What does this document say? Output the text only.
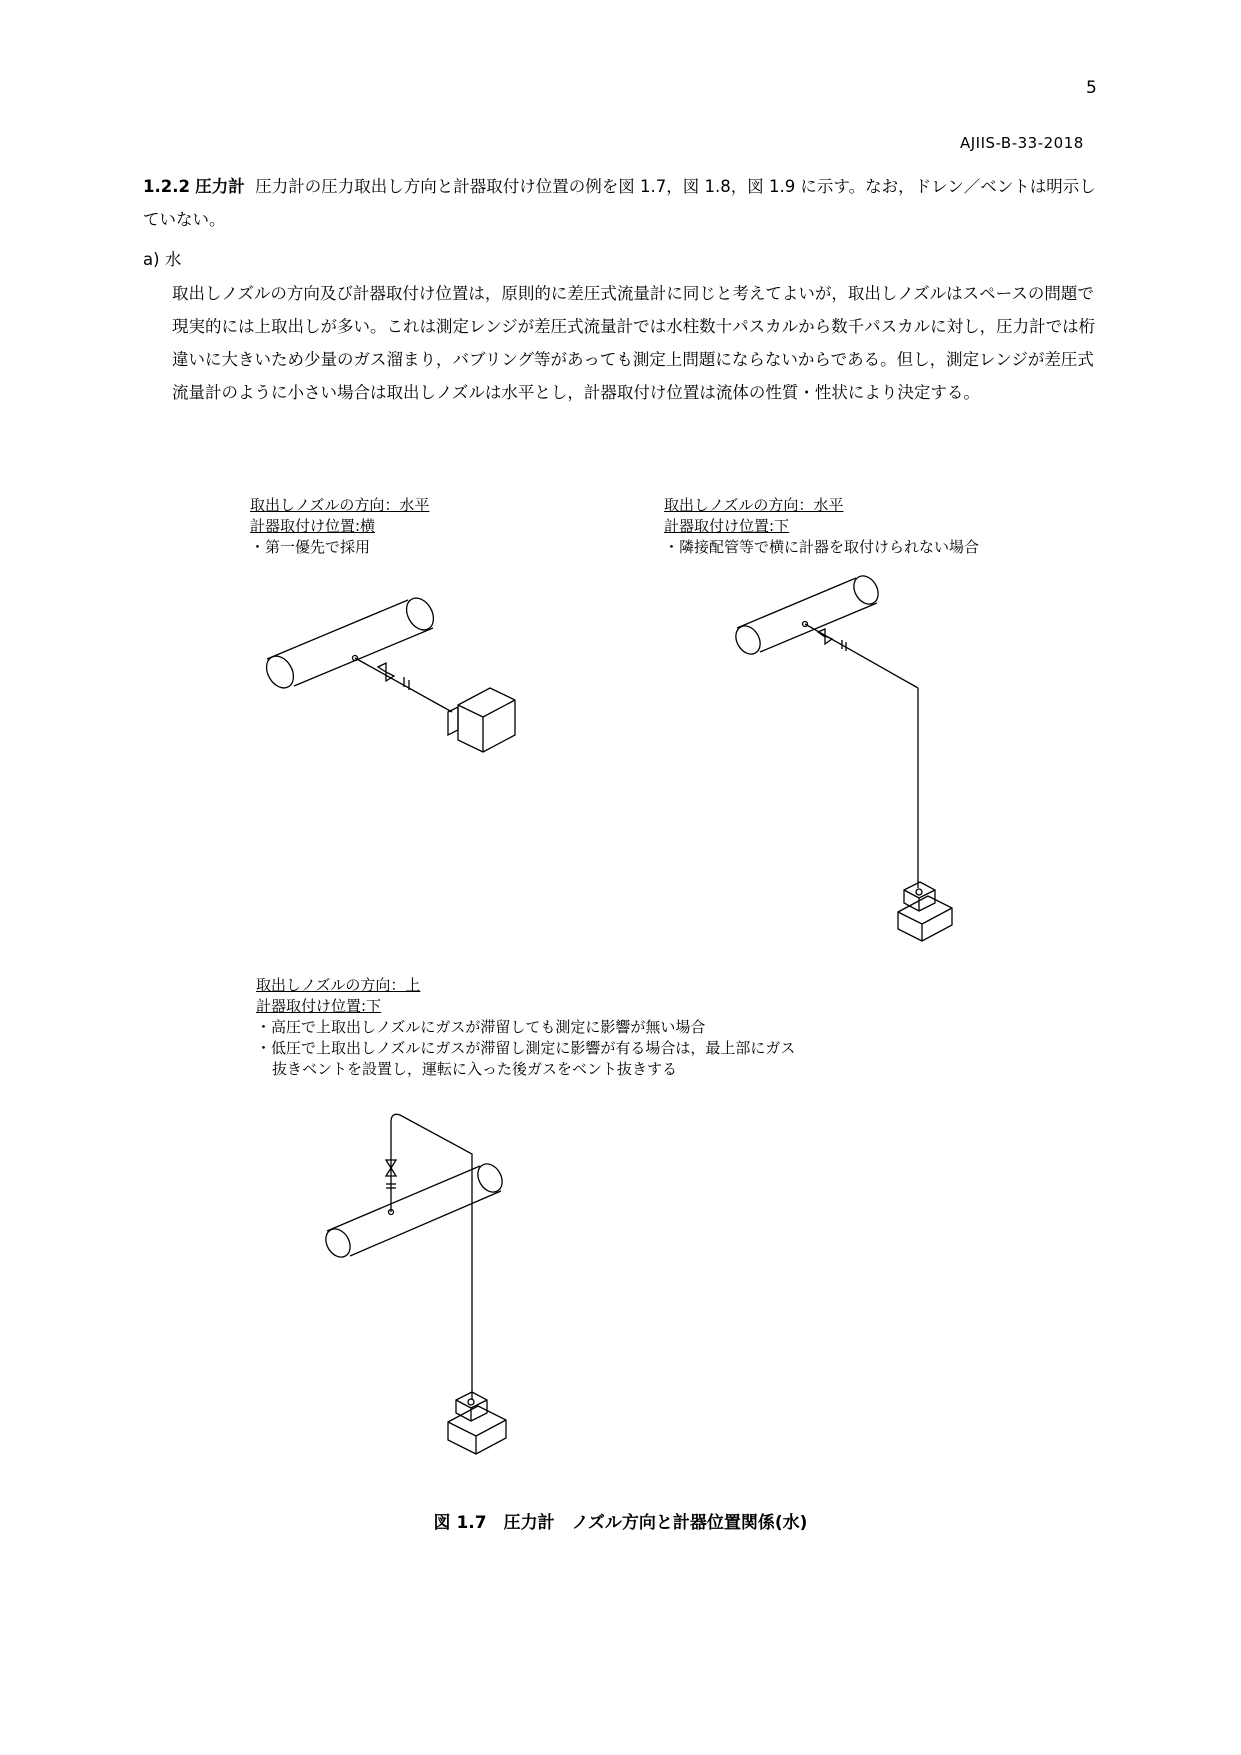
5
AJIIS-B-33-2018
1.2.2 圧力計 圧力計の圧力取出し方向と計器取付け位置の例を図 1.7，図 1.8，図 1.9 に示す。なお，ドレン／ベントは明示していない。
a) 水
取出しノズルの方向及び計器取付け位置は，原則的に差圧式流量計に同じと考えてよいが，取出しノズルはスペースの問題で現実的には上取出しが多い。これは測定レンジが差圧式流量計では水柱数十パスカルから数千パスカルに対し，圧力計では桁違いに大きいため少量のガス溜まり，バブリング等があっても測定上問題にならないからである。但し，測定レンジが差圧式流量計のように小さい場合は取出しノズルは水平とし，計器取付け位置は流体の性質・性状により決定する。
取出しノズルの方向：水平
計器取付け位置:横
・第一優先で採用
取出しノズルの方向：水平
計器取付け位置:下
・隣接配管等で横に計器を取付けられない場合
取出しノズルの方向：上
計器取付け位置:下
・高圧で上取出しノズルにガスが滞留しても測定に影響が無い場合
・低圧で上取出しノズルにガスが滞留し測定に影響が有る場合は，最上部にガス
抜きベントを設置し，運転に入った後ガスをベント抜きする
図 1.7　圧力計　ノズル方向と計器位置関係(水)
